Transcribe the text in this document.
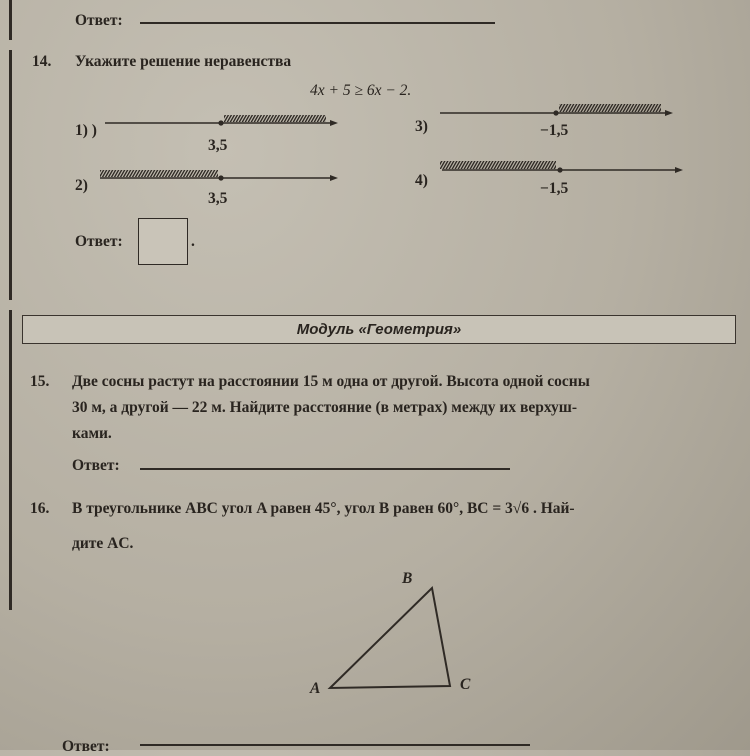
Ответ:
14. Укажите решение неравенства
4x + 5 ≥ 6x − 2.
1) )
3,5
2)
3,5
3)	−1,5
4)	−1,5
Ответ:	.
Модуль «Геометрия»
15. Две сосны растут на расстоянии 15 м одна от другой. Высота одной сосны
30 м, а другой — 22 м. Найдите расстояние (в метрах) между их верхуш-
ками.
Ответ:
16. В треугольнике ABC угол A равен 45°, угол B равен 60°, BC = 3√6 . Най-
дите AC.
B
A	C
Ответ:
